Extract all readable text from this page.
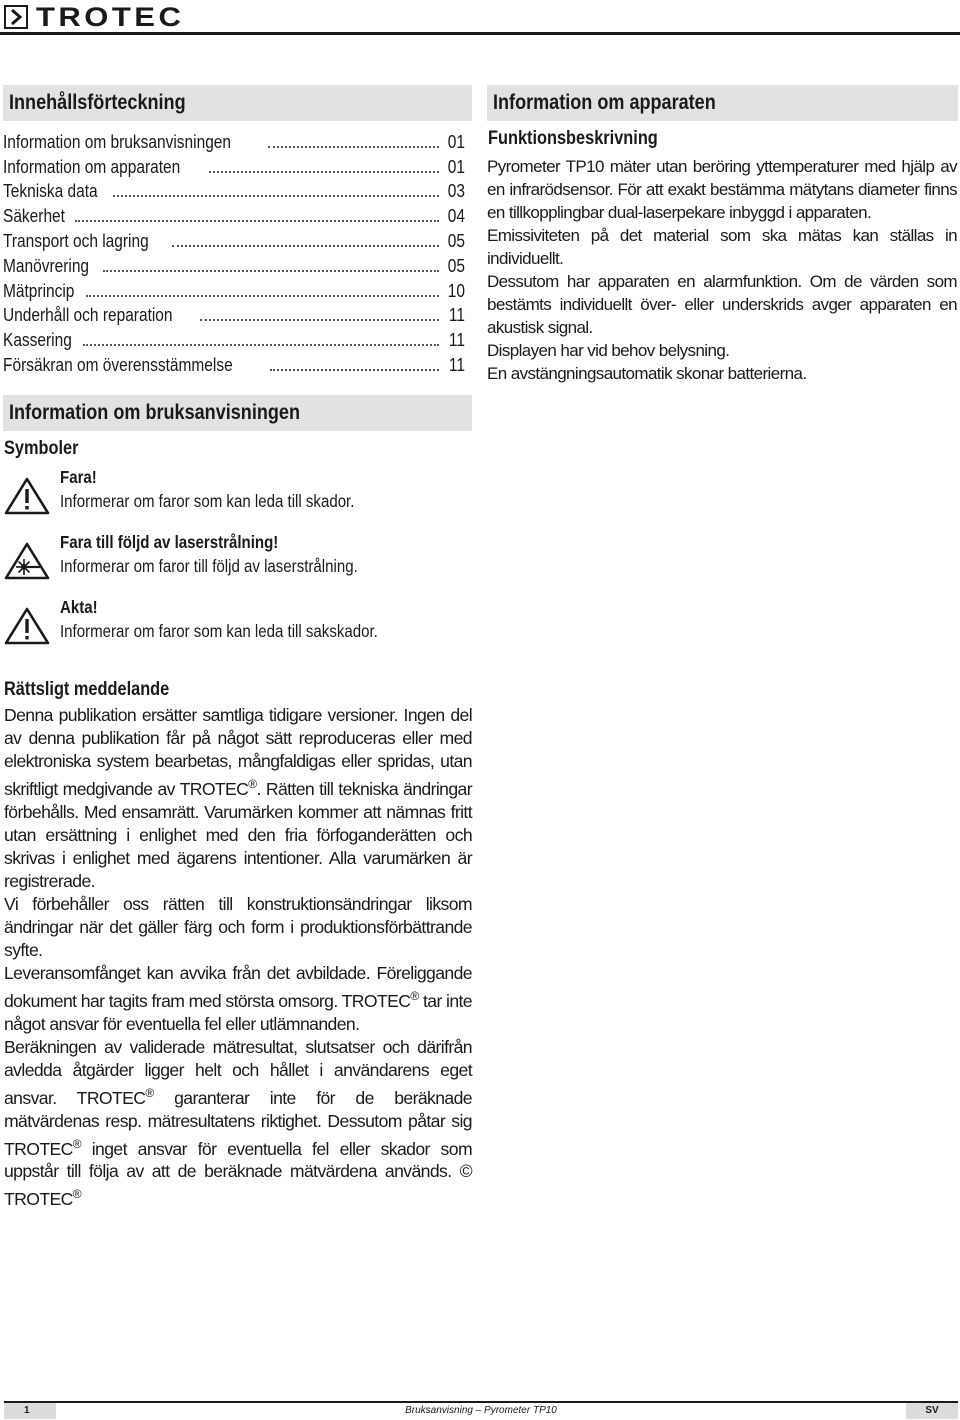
TROTEC
Innehållsförteckning
Information om bruksanvisningen	01
Information om apparaten	01
Tekniska data	03
Säkerhet	04
Transport och lagring	05
Manövrering	05
Mätprincip	10
Underhåll och reparation	11
Kassering	11
Försäkran om överensstämmelse	11
Information om bruksanvisningen
Symboler
Fara!
Informerar om faror som kan leda till skador.
Fara till följd av laserstrålning!
Informerar om faror till följd av laserstrålning.
Akta!
Informerar om faror som kan leda till sakskador.
Rättsligt meddelande

Denna publikation ersätter samtliga tidigare versioner. Ingen del av denna publikation får på något sätt reproduceras eller med elektroniska system bearbetas, mångfaldigas eller spridas, utan skriftligt medgivande av TROTEC®. Rätten till tekniska ändringar förbehålls. Med ensamrätt. Varumärken kommer att nämnas fritt utan ersättning i enlighet med den fria förfoganderätten och skrivas i enlighet med ägarens intentioner. Alla varumärken är registrerade.

Vi förbehåller oss rätten till konstruktionsändringar liksom ändringar när det gäller färg och form i produktionsförbättrande syfte.

Leveransomfånget kan avvika från det avbildade. Föreliggande dokument har tagits fram med största omsorg. TROTEC® tar inte något ansvar för eventuella fel eller utlämnanden.

Beräkningen av validerade mätresultat, slutsatser och därifrån avledda åtgärder ligger helt och hållet i användarens eget ansvar. TROTEC® garanterar inte för de beräknade mätvärdenas resp. mätresultatens riktighet. Dessutom påtar sig TROTEC® inget ansvar för eventuella fel eller skador som uppstår till följa av att de beräknade mätvärdena används. © TROTEC®

Information om apparaten
Funktionsbeskrivning

Pyrometer TP10 mäter utan beröring yttemperaturer med hjälp av en infrarödsensor. För att exakt bestämma mätytans diameter finns en tillkopplingbar dual-laserpekare inbyggd i apparaten.

Emissiviteten på det material som ska mätas kan ställas in individuellt.

Dessutom har apparaten en alarmfunktion. Om de värden som bestämts individuellt över- eller underskrids avger apparaten en akustisk signal.

Displayen har vid behov belysning.

En avstängningsautomatik skonar batterierna.

Bruksanvisning – Pyrometer TP10
1	SV
